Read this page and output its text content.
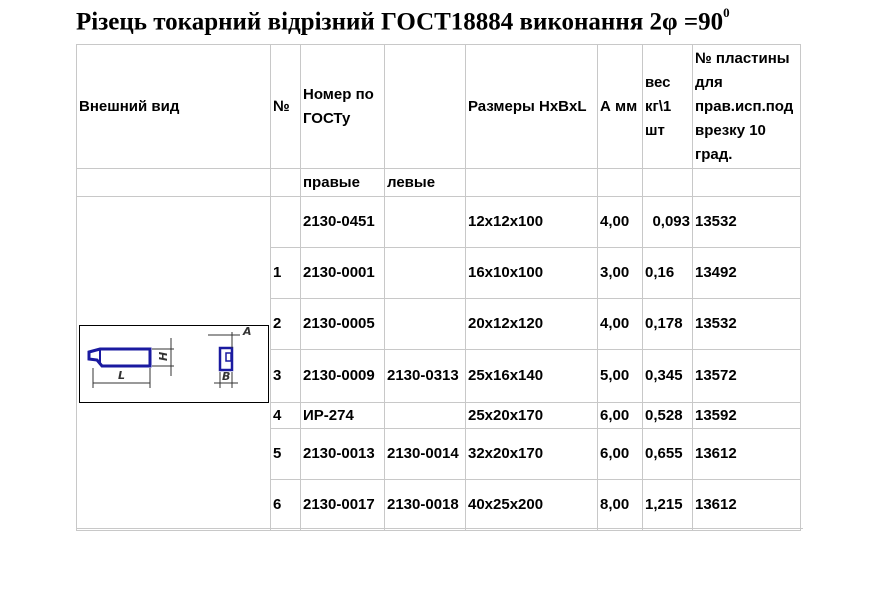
Різець токарний відрізний ГОСТ18884 виконання $2\varphi =90^0$
Внешний вид	№	Номер по ГОСТу		Размеры HxBxL	А мм	вес кг\1 шт	№ пластины для прав.исп.под врезку 10 град.
		правые	левые				

L
H
A
B		2130-0451		12x12x100	4,00	0,093	13532
	1	2130-0001		16x10x100	3,00	0,16	13492
	2	2130-0005		20x12x120	4,00	0,178	13532
	3	2130-0009	2130-0313	25x16x140	5,00	0,345	13572
	4	ИР-274		25x20x170	6,00	0,528	13592
	5	2130-0013	2130-0014	32x20x170	6,00	0,655	13612
	6	2130-0017	2130-0018	40x25x200	8,00	1,215	13612
